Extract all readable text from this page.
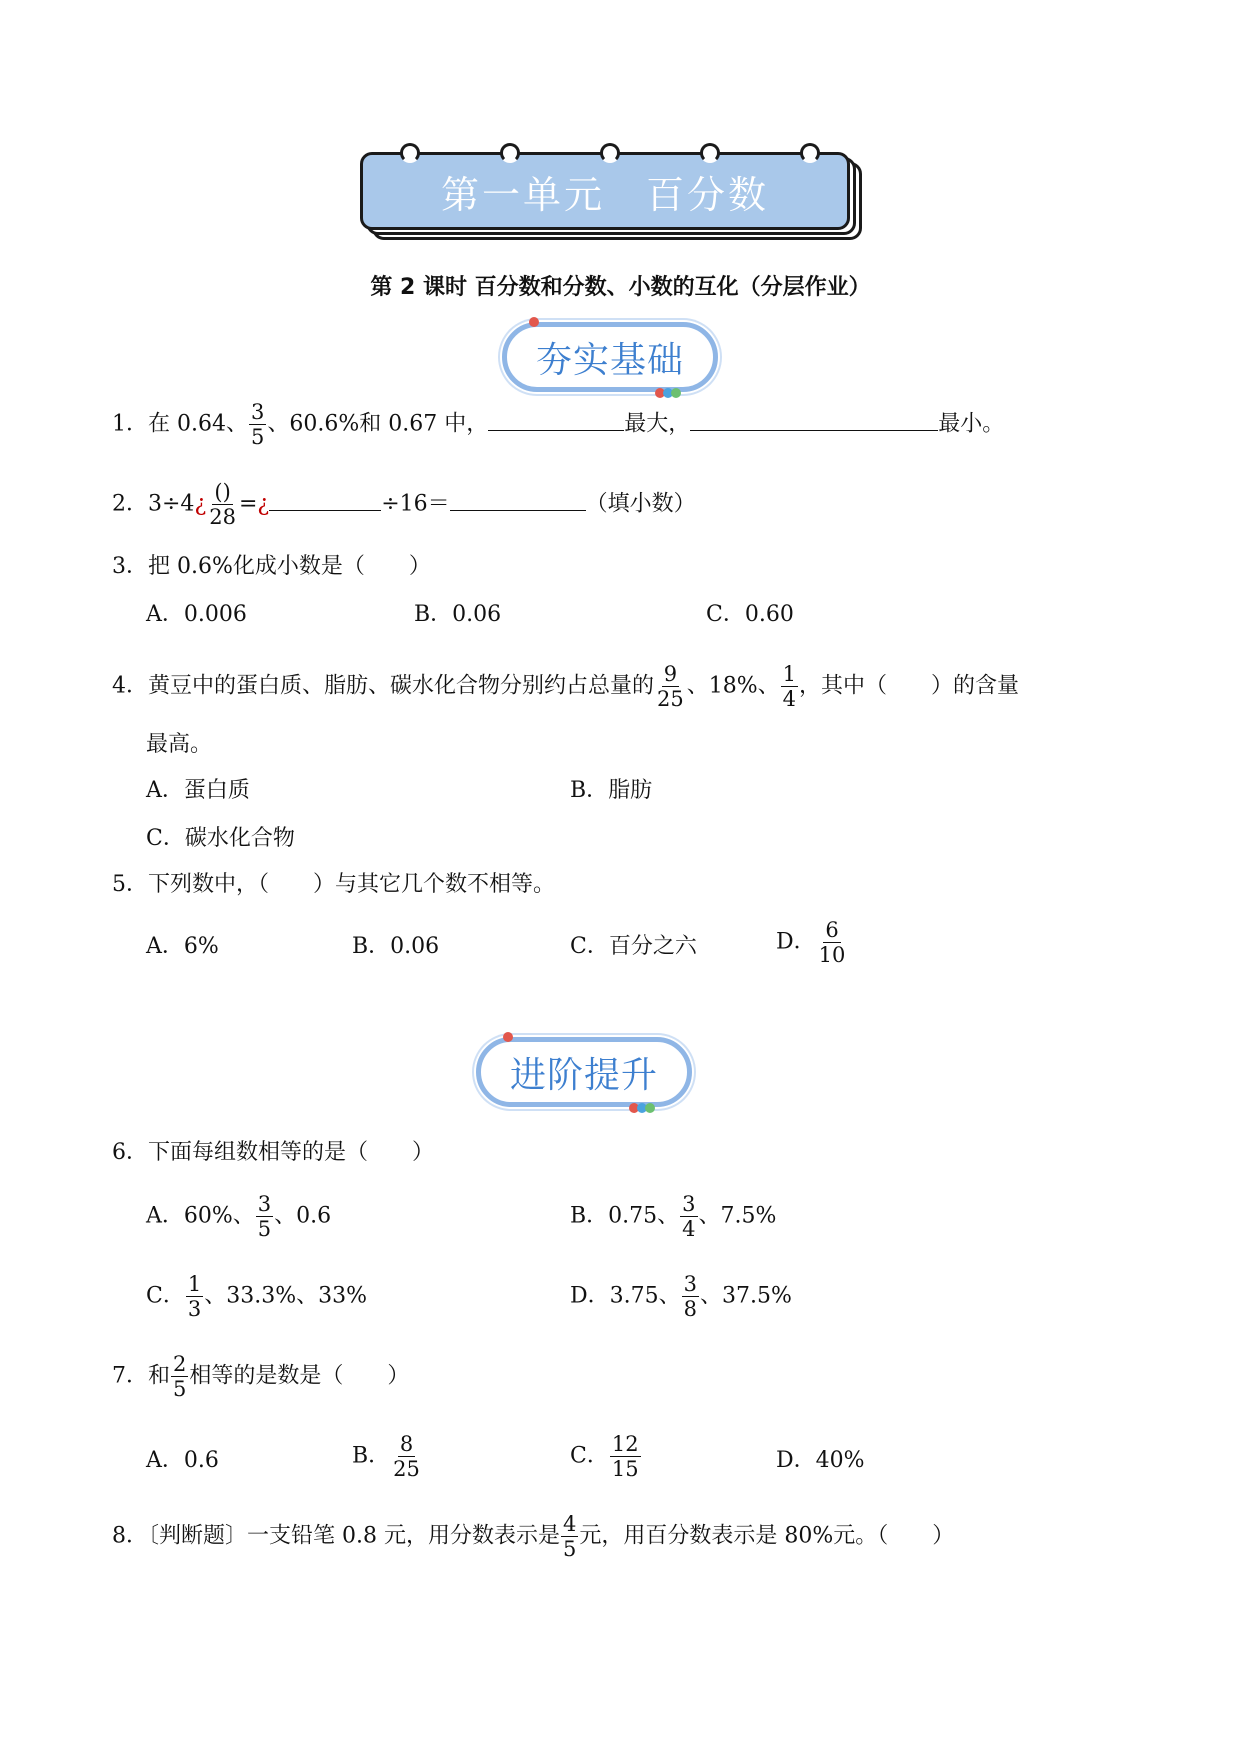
第一单元　百分数
第 2 课时 百分数和分数、小数的互化（分层作业）
夯实基础
1．在 0.64、 $\frac{3}{5}$ 、60.6%和 0.67 中，	最大，	最小。
2．3÷4¿ $\frac{()}{28}$ =¿	÷16＝	（填小数）
3．把 0.6%化成小数是（　　）
A．0.006	B．0.06	C．0.60
4．黄豆中的蛋白质、脂肪、碳水化合物分别约占总量的 $\frac{9}{25}$ 、18%、 $\frac{1}{4}$ ，其中（　　）的含量
最高。
A．蛋白质	B．脂肪
C．碳水化合物
5．下列数中，（　　）与其它几个数不相等。
A．6%	B．0.06	C．百分之六	D． $\frac{6}{10}$
进阶提升
6．下面每组数相等的是（　　）
A．60%、 $\frac{3}{5}$ 、0.6	B．0.75、 $\frac{3}{4}$ 、7.5%
C． $\frac{1}{3}$ 、33.3%、33%	D．3.75、 $\frac{3}{8}$ 、37.5%
7．和 $\frac{2}{5}$ 相等的是数是（　　）
A．0.6	B． $\frac{8}{25}$	C． $\frac{12}{15}$	D．40%
8．〔判断题〕一支铅笔 0.8 元，用分数表示是 $\frac{4}{5}$ 元，用百分数表示是 80%元。（　　）
